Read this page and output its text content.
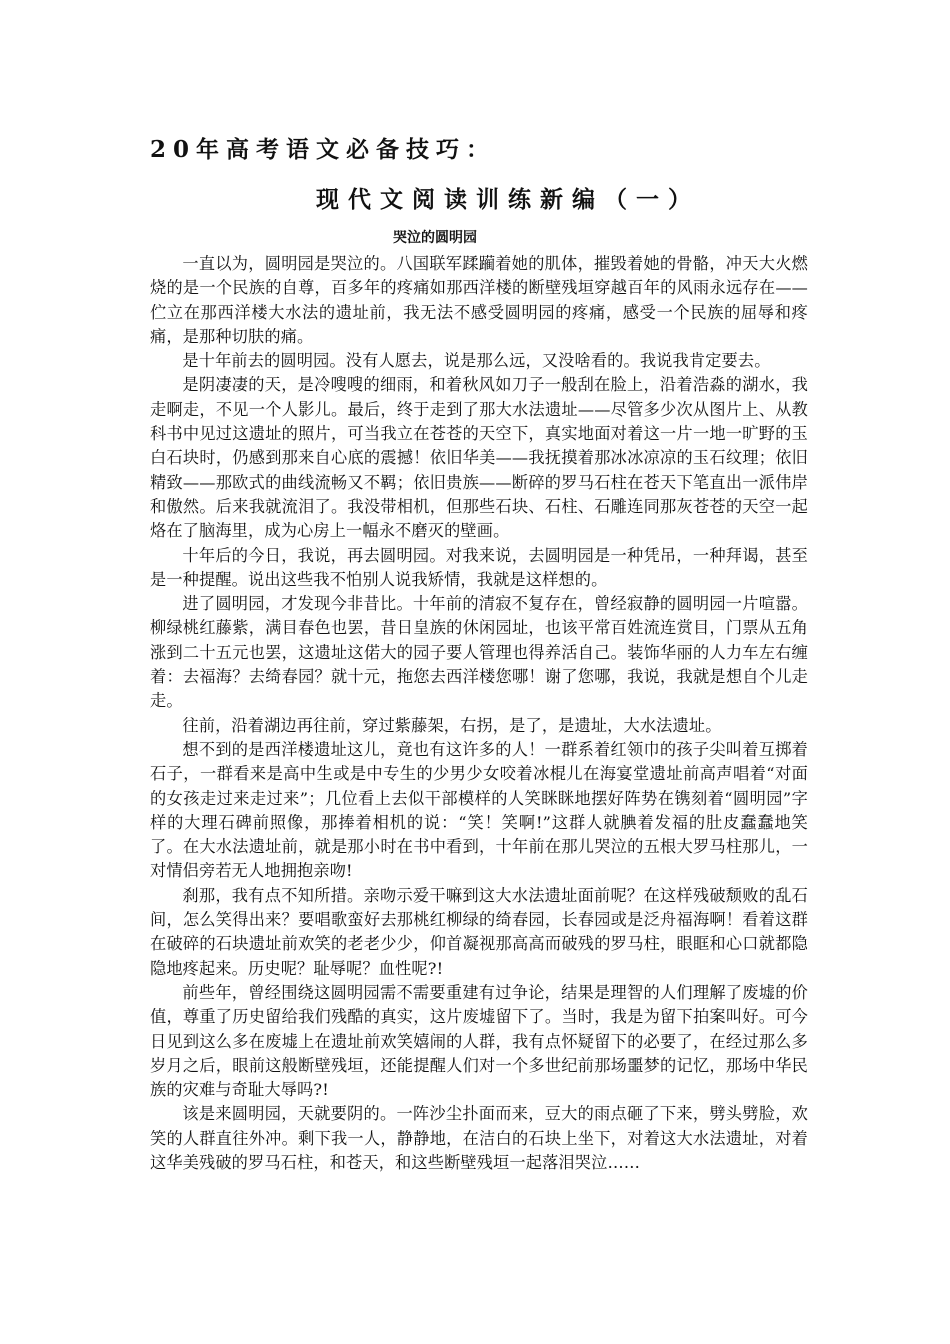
20年高考语文必备技巧：
现代文阅读训练新编（一）
哭泣的圆明园

一直以为，圆明园是哭泣的。八国联军蹂躏着她的肌体，摧毁着她的骨骼，冲天大火燃烧的是一个民族的自尊，百多年的疼痛如那西洋楼的断壁残垣穿越百年的风雨永远存在——伫立在那西洋楼大水法的遗址前，我无法不感受圆明园的疼痛，感受一个民族的屈辱和疼痛，是那种切肤的痛。

是十年前去的圆明园。没有人愿去，说是那么远，又没啥看的。我说我肯定要去。

是阴凄凄的天，是冷嗖嗖的细雨，和着秋风如刀子一般刮在脸上，沿着浩淼的湖水，我走啊走，不见一个人影儿。最后，终于走到了那大水法遗址——尽管多少次从图片上、从教科书中见过这遗址的照片，可当我立在苍苍的天空下，真实地面对着这一片一地一旷野的玉白石块时，仍感到那来自心底的震撼！依旧华美——我抚摸着那冰冰凉凉的玉石纹理；依旧精致——那欧式的曲线流畅又不羁；依旧贵族——断碎的罗马石柱在苍天下笔直出一派伟岸和傲然。后来我就流泪了。我没带相机，但那些石块、石柱、石雕连同那灰苍苍的天空一起烙在了脑海里，成为心房上一幅永不磨灭的壁画。

十年后的今日，我说，再去圆明园。对我来说，去圆明园是一种凭吊，一种拜谒，甚至是一种提醒。说出这些我不怕别人说我矫情，我就是这样想的。

进了圆明园，才发现今非昔比。十年前的清寂不复存在，曾经寂静的圆明园一片喧嚣。柳绿桃红藤紫，满目春色也罢，昔日皇族的休闲园址，也该平常百姓流连赏目，门票从五角涨到二十五元也罢，这遗址这偌大的园子要人管理也得养活自己。装饰华丽的人力车左右缠着：去福海？去绮春园？就十元，拖您去西洋楼您哪！谢了您哪，我说，我就是想自个儿走走。

往前，沿着湖边再往前，穿过紫藤架，右拐，是了，是遗址，大水法遗址。

想不到的是西洋楼遗址这儿，竟也有这许多的人！一群系着红领巾的孩子尖叫着互掷着石子，一群看来是高中生或是中专生的少男少女咬着冰棍儿在海宴堂遗址前高声唱着“对面的女孩走过来走过来”；几位看上去似干部模样的人笑眯眯地摆好阵势在镌刻着“圆明园”字样的大理石碑前照像，那捧着相机的说：“笑！笑啊!”这群人就腆着发福的肚皮蠢蠢地笑了。在大水法遗址前，就是那小时在书中看到，十年前在那儿哭泣的五根大罗马柱那儿，一对情侣旁若无人地拥抱亲吻!

刹那，我有点不知所措。亲吻示爱干嘛到这大水法遗址面前呢？在这样残破颓败的乱石间，怎么笑得出来？要唱歌蛮好去那桃红柳绿的绮春园，长春园或是泛舟福海啊！看着这群在破碎的石块遗址前欢笑的老老少少，仰首凝视那高高而破残的罗马柱，眼眶和心口就都隐隐地疼起来。历史呢？耻辱呢？血性呢?!

前些年，曾经围绕这圆明园需不需要重建有过争论，结果是理智的人们理解了废墟的价值，尊重了历史留给我们残酷的真实，这片废墟留下了。当时，我是为留下拍案叫好。可今日见到这么多在废墟上在遗址前欢笑嬉闹的人群，我有点怀疑留下的必要了，在经过那么多岁月之后，眼前这般断壁残垣，还能提醒人们对一个多世纪前那场噩梦的记忆，那场中华民族的灾难与奇耻大辱吗?!

该是来圆明园，天就要阴的。一阵沙尘扑面而来，豆大的雨点砸了下来，劈头劈脸，欢笑的人群直往外冲。剩下我一人，静静地，在洁白的石块上坐下，对着这大水法遗址，对着这华美残破的罗马石柱，和苍天，和这些断壁残垣一起落泪哭泣……
